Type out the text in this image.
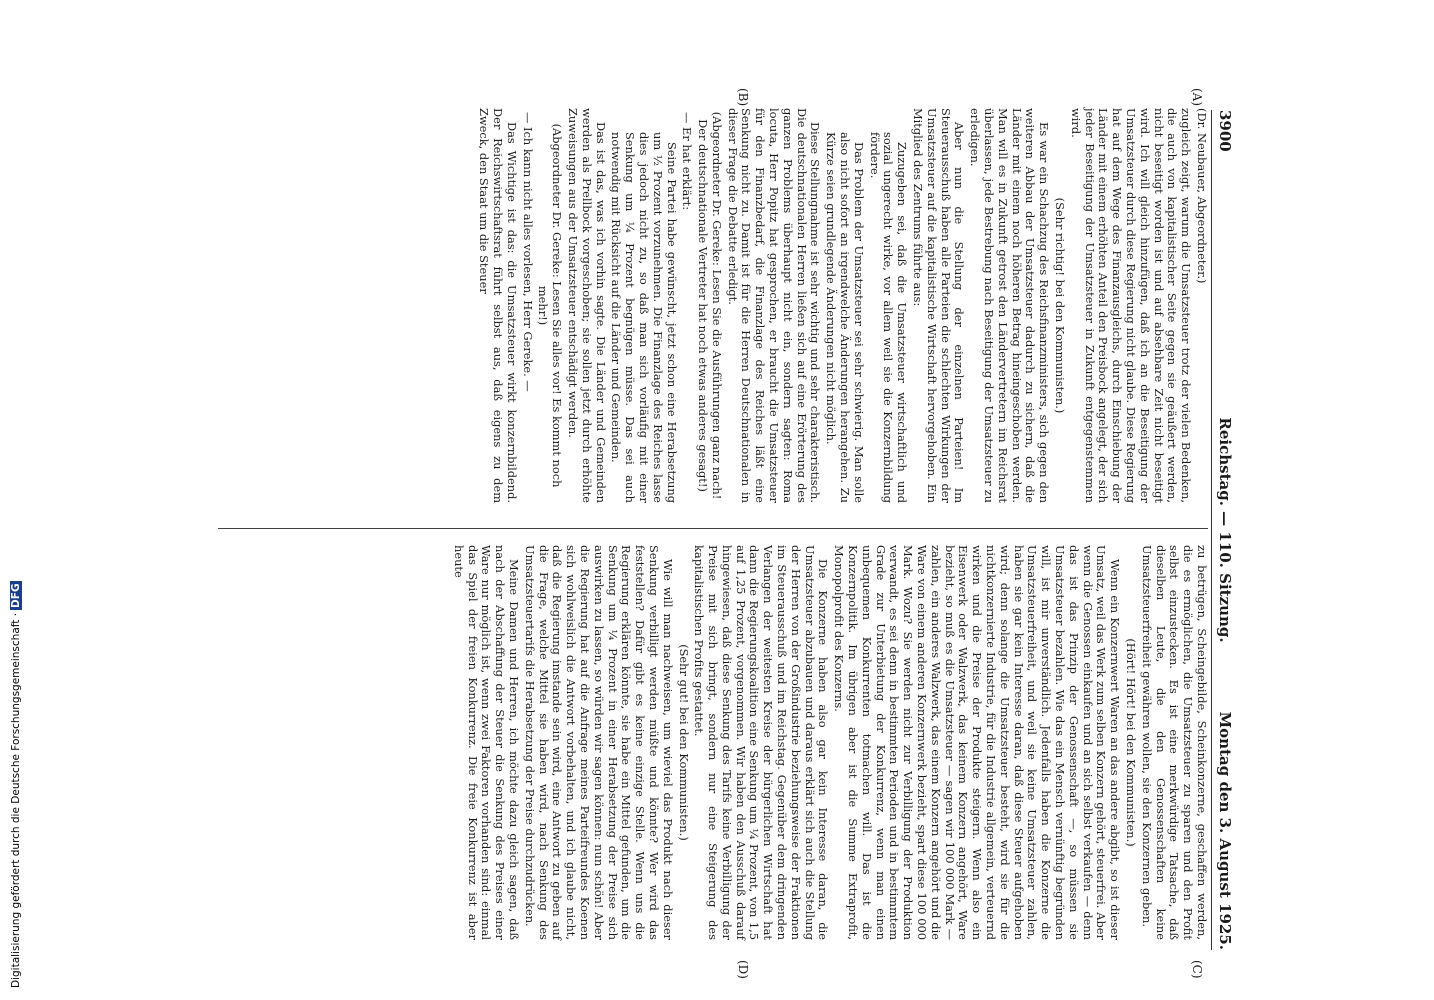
3900
Reichstag. — 110. Sitzung.
Montag den 3. August 1925.
(A)
(B)
(C)
(D)

(Dr. Neubauer, Abgeordneter.)

zugleich zeigt, warum die Umsatzsteuer trotz der vielen Bedenken, die auch von kapitalistischer Seite gegen sie geäußert werden, nicht beseitigt worden ist und auf absehbare Zeit nicht beseitigt wird. Ich will gleich hinzufügen, daß ich an die Beseitigung der Umsatzsteuer durch diese Regierung nicht glaube. Diese Regierung hat auf dem Wege des Finanzausgleichs, durch Einschiebung der Länder mit einem erhöhten Anteil den Preisbock angelegt, der sich jeder Beseitigung der Umsatzsteuer in Zukunft entgegenstemmen wird.

(Sehr richtig! bei den Kommunisten.)

Es war ein Schachzug des Reichsfinanzministers, sich gegen den weiteren Abbau der Umsatzsteuer dadurch zu sichern, daß die Länder mit einem noch höheren Betrag hineingeschoben werden. Man will es in Zukunft getrost den Ländervertretern im Reichsrat überlassen, jede Bestrebung nach Beseitigung der Umsatzsteuer zu erledigen.

Aber nun die Stellung der einzelnen Parteien! Im Steuerausschuß haben alle Parteien die schlechten Wirkungen der Umsatzsteuer auf die kapitalistische Wirtschaft hervorgehoben. Ein Mitglied des Zentrums führte aus:

Zuzugeben sei, daß die Umsatzsteuer wirtschaftlich und sozial ungerecht wirke, vor allem weil sie die Konzernbildung fördere.

Das Problem der Umsatzsteuer sei sehr schwierig. Man solle also nicht sofort an irgendwelche Änderungen herangehen. Zu Kürze seien grundlegende Änderungen nicht möglich.

Diese Stellungnahme ist sehr wichtig und sehr charakteristisch. Die deutschnationalen Herren ließen sich auf eine Erörterung des ganzen Problems überhaupt nicht ein, sondern sagten: Roma locuta, Herr Popitz hat gesprochen, er braucht die Umsatzsteuer für den Finanzbedarf, die Finanzlage des Reiches läßt eine Senkung nicht zu. Damit ist für die Herren Deutschnationalen in dieser Frage die Debatte erledigt.

(Abgeordneter Dr. Gereke: Lesen Sie die Ausführungen ganz nach! Der deutschnationale Vertreter hat noch etwas anderes gesagt!)

— Er hat erklärt:

Seine Partei habe gewünscht, jetzt schon eine Herabsetzung um ½ Prozent vorzunehmen. Die Finanzlage des Reiches lasse dies jedoch nicht zu, so daß man sich vorläufig mit einer Senkung um ¼ Prozent begnügen müsse. Das sei auch notwendig mit Rücksicht auf die Länder und Gemeinden.

Das ist das, was ich vorhin sagte. Die Länder und Gemeinden werden als Prellbock vorgeschoben; sie sollen jetzt durch erhöhte Zuweisungen aus der Umsatzsteuer entschädigt werden.

(Abgeordneter Dr. Gereke: Lesen Sie alles vor! Es kommt noch mehr!)

— Ich kann nicht alles vorlesen, Herr Gereke. —

Das Wichtige ist das: die Umsatzsteuer wirkt konzernbildend. Der Reichswirtschaftsrat führt selbst aus, daß eigens zu dem Zweck, den Staat um die Steuer

zu betrügen, Scheingebilde, Scheinkonzerne, geschaffen werden, die es ermöglichen, die Umsatzsteuer zu sparen und den Profit selbst einzustecken. Es ist eine merkwürdige Tatsache, daß dieselben Leute, die den Genossenschaften keine Umsatzsteuerfreiheit gewähren wollen, sie den Konzernen geben.

(Hört! Hört! bei den Kommunisten.)

Wenn ein Konzernwert Waren an das andere abgibt, so ist dieser Umsatz, weil das Werk zum selben Konzern gehört, steuerfrei. Aber wenn die Genossen einkaufen und an sich selbst verkaufen — denn das ist das Prinzip der Genossenschaft —, so müssen sie Umsatzsteuer bezahlen. Wie das ein Mensch vernünftig begründen will, ist mir unverständlich. Jedenfalls haben die Konzerne die Umsatzsteuerfreiheit, und weil sie keine Umsatzsteuer zahlen, haben sie gar kein Interesse daran, daß diese Steuer aufgehoben wird; denn solange die Umsatzsteuer besteht, wird sie für die nichtkonzernierte Industrie, für die Industrie allgemein, verteuernd wirken und die Preise der Produkte steigern. Wenn also ein Eisenwerk oder Walzwerk, das keinem Konzern angehört, Ware bezieht, so muß es die Umsatzsteuer — sagen wir 100 000 Mark — zahlen, ein anderes Walzwerk, das einem Konzern angehört und die Ware von einem anderen Konzernwerk bezieht, spart diese 100 000 Mark. Wozu? Sie werden nicht zur Verbilligung der Produktion verwandt, es sei denn in bestimmten Perioden und in bestimmtem Grade zur Unterbietung der Konkurrenz, wenn man einen unbequemen Konkurrenten totmachen will. Das ist die Konzernpolitik. Im übrigen aber ist die Summe Extraprofit, Monopolprofit des Konzerns.

Die Konzerne haben also gar kein Interesse daran, die Umsatzsteuer abzubauen und daraus erklärt sich auch die Stellung der Herren von der Großindustrie beziehungsweise der Fraktionen im Steuerausschuß und im Reichstag. Gegenüber dem dringenden Verlangen der weitesten Kreise der bürgerlichen Wirtschaft hat dann die Regierungskoalition eine Senkung um ¼ Prozent, von 1,5 auf 1,25 Prozent, vorgenommen. Wir haben den Ausschuß darauf hingewiesen, daß diese Senkung des Tarifs keine Verbilligung der Preise mit sich bringt, sondern nur eine Steigerung des kapitalistischen Profits gestattet.

(Sehr gut! bei den Kommunisten.)

Wie will man nachweisen, um wieviel das Produkt nach dieser Senkung verbilligt werden müßte und könnte? Wer wird das feststellen? Dafür gibt es keine einzige Stelle. Wenn uns die Regierung erklären könnte, sie habe ein Mittel gefunden, um die Senkung um ¼ Prozent in einer Herabsetzung der Preise sich auswirken zu lassen, so würden wir sagen können: nun schön! Aber die Regierung hat auf die Anfrage meines Parteifreundes Koenen sich wohlweislich die Antwort vorbehalten, und ich glaube nicht, daß die Regierung imstande sein wird, eine Antwort zu geben auf die Frage, welche Mittel sie haben wird, nach Senkung des Umsatzsteuertarifs die Herabsetzung der Preise durchzudrücken.

Meine Damen und Herren, ich möchte dazu gleich sagen, daß nach der Abschaffung der Steuer die Senkung des Preises einer Ware nur möglich ist, wenn zwei Faktoren vorhanden sind: einmal das Spiel der freien Konkurrenz. Die freie Konkurrenz ist aber heute

Digitalisierung gefördert durch die Deutsche Forschungsgemeinschaft ·DFG
